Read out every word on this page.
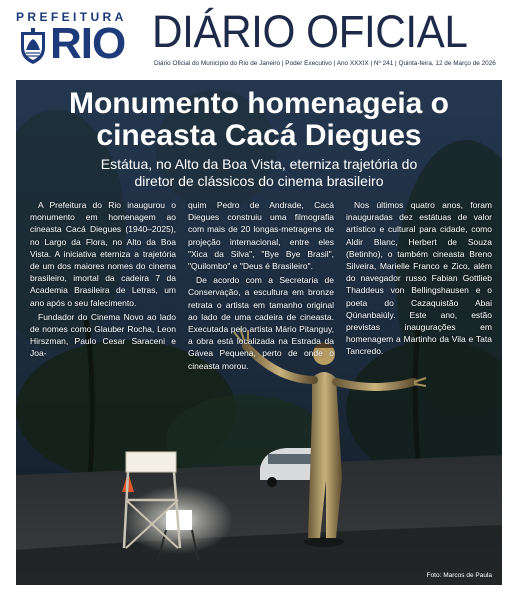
PREFEITURA
RIO DIÁRIO OFICIAL
Diário Oficial do Município do Rio de Janeiro | Poder Executivo | Ano XXXIX | Nº 241 | Quinta-feira, 12 de Março de 2026
Monumento homenageia o
cineasta Cacá Diegues
Estátua, no Alto da Boa Vista, eterniza trajetória do
diretor de clássicos do cinema brasileiro

A Prefeitura do Rio inaugurou o monumento em homenagem ao cineasta Cacá Diegues (1940–2025), no Largo da Flora, no Alto da Boa Vista. A iniciativa eterniza a trajetória de um dos maiores nomes do cinema brasileiro, imortal da cadeira 7 da Academia Brasileira de Letras, um ano após o seu falecimento.

Fundador do Cinema Novo ao lado de nomes como Glauber Rocha, Leon Hirszman, Paulo Cesar Saraceni e Joa-

quim Pedro de Andrade, Cacá Diegues construiu uma filmografia com mais de 20 longas-metragens de projeção internacional, entre eles "Xica da Silva", "Bye Bye Brasil", "Quilombo" e "Deus é Brasileiro".

De acordo com a Secretaria de Conservação, a escultura em bronze retrata o artista em tamanho original ao lado de uma cadeira de cineasta. Executada pelo artista Mário Pitanguy, a obra está localizada na Estrada da Gávea Pequena, perto de onde o cineasta morou.

Nos últimos quatro anos, foram inauguradas dez estátuas de valor artístico e cultural para cidade, como Aldir Blanc, Herbert de Souza (Betinho), o também cineasta Breno Silveira, Marielle Franco e Zico, além do navegador russo Fabian Gottlieb Thaddeus von Bellingshausen e o poeta do Cazaquistão Abai Qúnanbaiúly. Este ano, estão previstas inaugurações em homenagem a Martinho da Vila e Tata Tancredo.

Foto: Marcos de Paula
